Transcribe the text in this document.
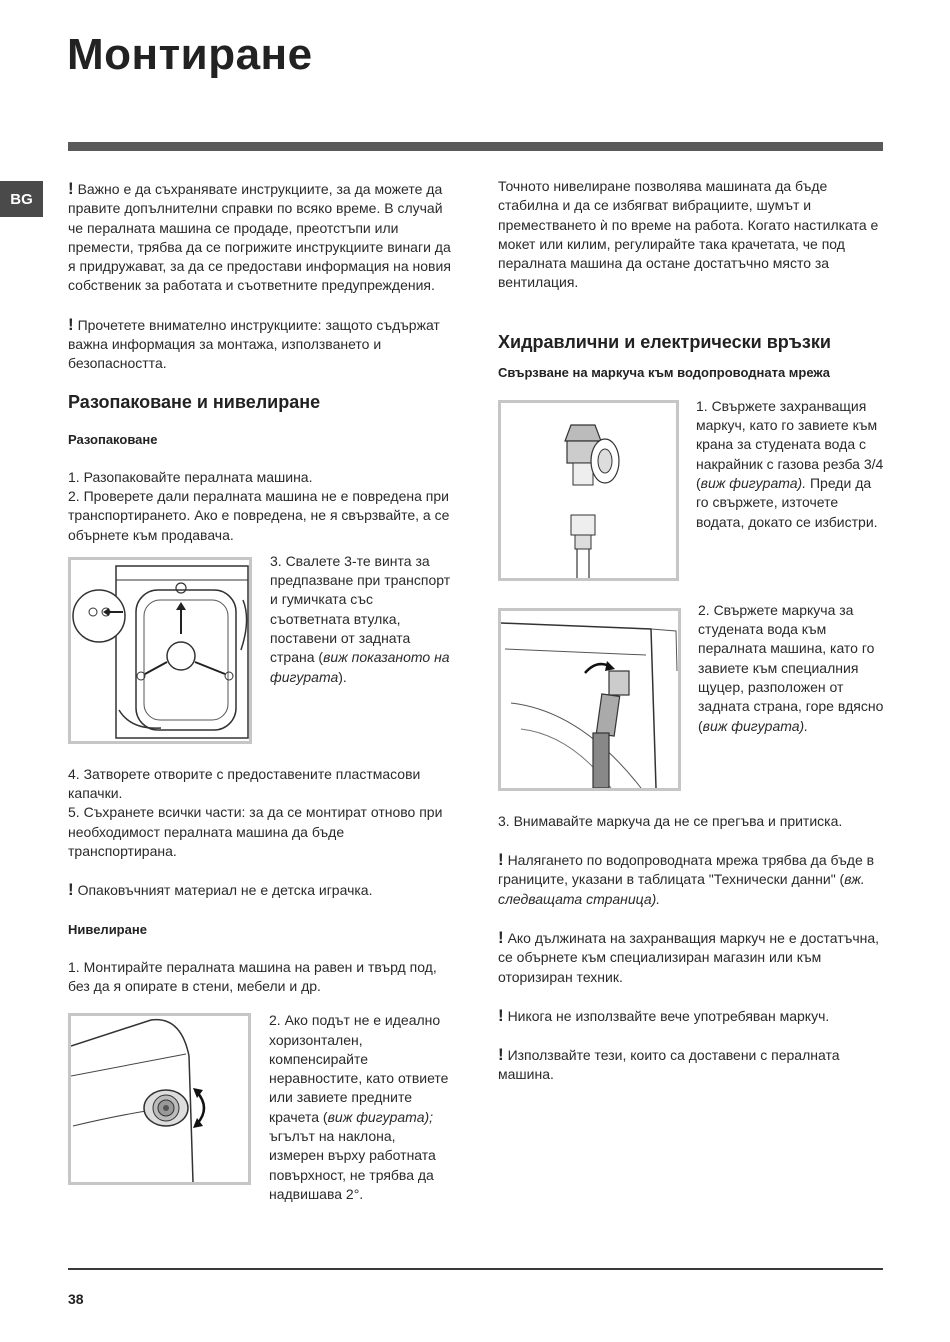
Монтиране
BG

! Важно е да съхранявате инструкциите, за да можете да правите допълнителни справки по всяко време. В случай че пералната машина се продаде, преотстъпи или премести, трябва да се погрижите инструкциите винаги да я придружават, за да се предостави информация на новия собственик за работата и съответните предупреждения.

! Прочетете внимателно инструкциите: защото съдържат важна информация за монтажа, използването и безопасността.

Разопаковане и нивелиране
Разопаковане

1. Разопаковайте пералната машина.

2. Проверете дали пералната машина не е повредена при транспортирането. Ако е повредена, не я свързвайте, а се обърнете към продавача.

3. Свалете 3-те винта за предпазване при транспорт и гумичката със съответната втулка, поставени от задната страна (виж показаното на фигурата).

4. Затворете отворите с предоставените пластмасови капачки.

5. Съхранете всички части: за да се монтират отново при необходимост пералната машина да бъде транспортирана.

! Опаковъчният материал не е детска играчка.

Нивелиране

1. Монтирайте пералната машина на равен и твърд под, без да я опирате в стени, мебели и др.

2. Ако подът не е идеално хоризонтален, компенсирайте неравностите, като отвиете или завиете предните крачета (виж фигурата); ъгълът на наклона, измерен върху работната повърхност, не трябва да надвишава 2°.

Точното нивелиране позволява машината да бъде стабилна и да се избягват вибрациите, шумът и преместването ѝ по време на работа. Когато настилката е мокет или килим, регулирайте така крачетата, че под пералната машина да остане достатъчно място за вентилация.

Хидравлични и електрически връзки
Свързване на маркуча към водопроводната мрежа
1. Свържете захранващия маркуч, като го завиете към крана за студената вода с накрайник с газова резба 3/4 (виж фигурата). Преди да го свържете, източете водата, докато се избистри.
2. Свържете маркуча за студената вода към пералната машина, като го завиете към специалния щуцер, разположен от задната страна, горе вдясно (виж фигурата).

3. Внимавайте маркуча да не се прегъва и притиска.

! Налягането по водопроводната мрежа трябва да бъде в границите, указани в таблицата "Технически данни" (вж. следващата страница).

! Ако дължината на захранващия маркуч не е достатъчна, се обърнете към специализиран магазин или към оторизиран техник.

! Никога не използвайте вече употребяван маркуч.

! Използвайте тези, които са доставени с пералната машина.

38
